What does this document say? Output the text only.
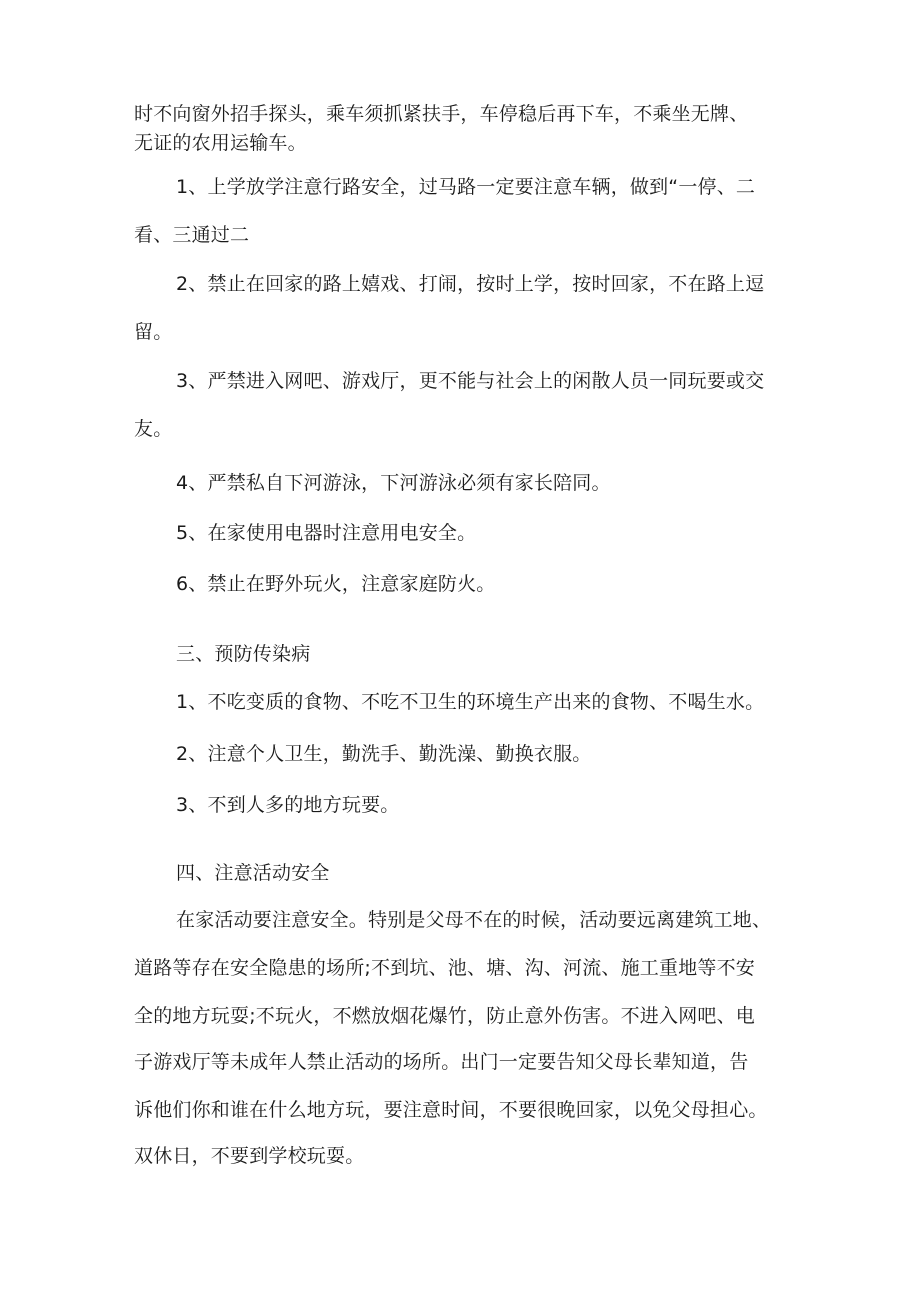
时不向窗外招手探头，乘车须抓紧扶手，车停稳后再下车，不乘坐无牌、
无证的农用运输车。
1、上学放学注意行路安全，过马路一定要注意车辆，做到“一停、二
看、三通过二
2、禁止在回家的路上嬉戏、打闹，按时上学，按时回家，不在路上逗
留。
3、严禁进入网吧、游戏厅，更不能与社会上的闲散人员一同玩要或交
友。
4、严禁私自下河游泳，下河游泳必须有家长陪同。
5、在家使用电器时注意用电安全。
6、禁止在野外玩火，注意家庭防火。
三、预防传染病
1、不吃变质的食物、不吃不卫生的环境生产出来的食物、不喝生水。
2、注意个人卫生，勤洗手、勤洗澡、勤换衣服。
3、不到人多的地方玩要。
四、注意活动安全
在家活动要注意安全。特别是父母不在的时候，活动要远离建筑工地、
道路等存在安全隐患的场所;不到坑、池、塘、沟、河流、施工重地等不安
全的地方玩耍;不玩火，不燃放烟花爆竹，防止意外伤害。不进入网吧、电
子游戏厅等未成年人禁止活动的场所。出门一定要告知父母长辈知道，告
诉他们你和谁在什么地方玩，要注意时间，不要很晚回家，以免父母担心。
双休日，不要到学校玩耍。
